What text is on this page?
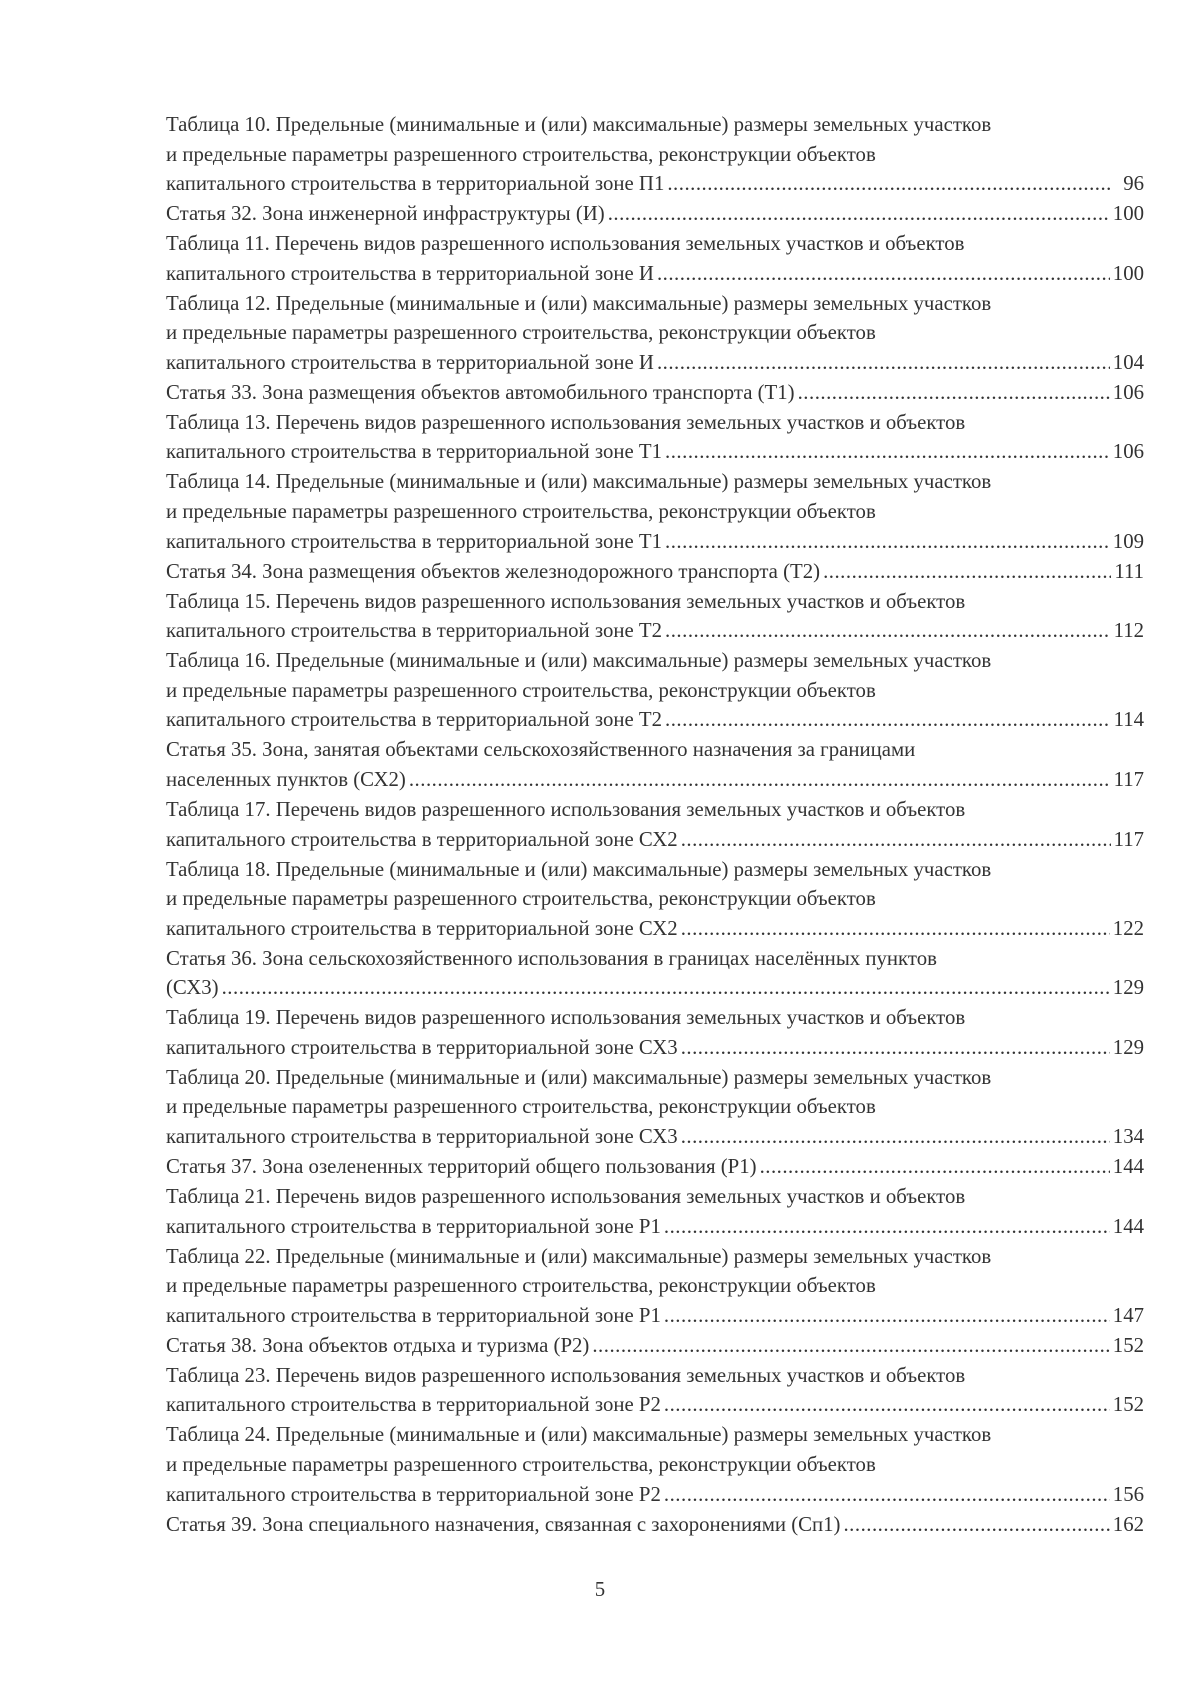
Таблица 10. Предельные (минимальные и (или) максимальные) размеры земельных участков
и предельные параметры разрешенного строительства, реконструкции объектов
капитального строительства в территориальной зоне П1 .....	96
Статья 32. Зона инженерной инфраструктуры (И) .....	100
Таблица 11. Перечень видов разрешенного использования земельных участков и объектов
капитального строительства в территориальной зоне И .....	100
Таблица 12. Предельные (минимальные и (или) максимальные) размеры земельных участков
и предельные параметры разрешенного строительства, реконструкции объектов
капитального строительства в территориальной зоне И .....	104
Статья 33. Зона размещения объектов автомобильного транспорта (Т1) .....	106
Таблица 13. Перечень видов разрешенного использования земельных участков и объектов
капитального строительства в территориальной зоне Т1 .....	106
Таблица 14. Предельные (минимальные и (или) максимальные) размеры земельных участков
и предельные параметры разрешенного строительства, реконструкции объектов
капитального строительства в территориальной зоне Т1 .....	109
Статья 34. Зона размещения объектов железнодорожного транспорта (Т2) .....	111
Таблица 15. Перечень видов разрешенного использования земельных участков и объектов
капитального строительства в территориальной зоне Т2 .....	112
Таблица 16. Предельные (минимальные и (или) максимальные) размеры земельных участков
и предельные параметры разрешенного строительства, реконструкции объектов
капитального строительства в территориальной зоне Т2 .....	114
Статья 35. Зона, занятая объектами сельскохозяйственного назначения за границами
населенных пунктов (СХ2) .....	117
Таблица 17. Перечень видов разрешенного использования земельных участков и объектов
капитального строительства в территориальной зоне СХ2 .....	117
Таблица 18. Предельные (минимальные и (или) максимальные) размеры земельных участков
и предельные параметры разрешенного строительства, реконструкции объектов
капитального строительства в территориальной зоне СХ2 .....	122
Статья 36. Зона сельскохозяйственного использования в границах населённых пунктов
(СХ3) .....	129
Таблица 19. Перечень видов разрешенного использования земельных участков и объектов
капитального строительства в территориальной зоне СХ3 .....	129
Таблица 20. Предельные (минимальные и (или) максимальные) размеры земельных участков
и предельные параметры разрешенного строительства, реконструкции объектов
капитального строительства в территориальной зоне СХ3 .....	134
Статья 37. Зона озелененных территорий общего пользования (Р1) .....	144
Таблица 21. Перечень видов разрешенного использования земельных участков и объектов
капитального строительства в территориальной зоне Р1 .....	144
Таблица 22. Предельные (минимальные и (или) максимальные) размеры земельных участков
и предельные параметры разрешенного строительства, реконструкции объектов
капитального строительства в территориальной зоне Р1 .....	147
Статья 38. Зона объектов отдыха и туризма (Р2) .....	152
Таблица 23. Перечень видов разрешенного использования земельных участков и объектов
капитального строительства в территориальной зоне Р2 .....	152
Таблица 24. Предельные (минимальные и (или) максимальные) размеры земельных участков
и предельные параметры разрешенного строительства, реконструкции объектов
капитального строительства в территориальной зоне Р2 .....	156
Статья 39. Зона специального назначения, связанная с захоронениями (Сп1) .....	162
5
